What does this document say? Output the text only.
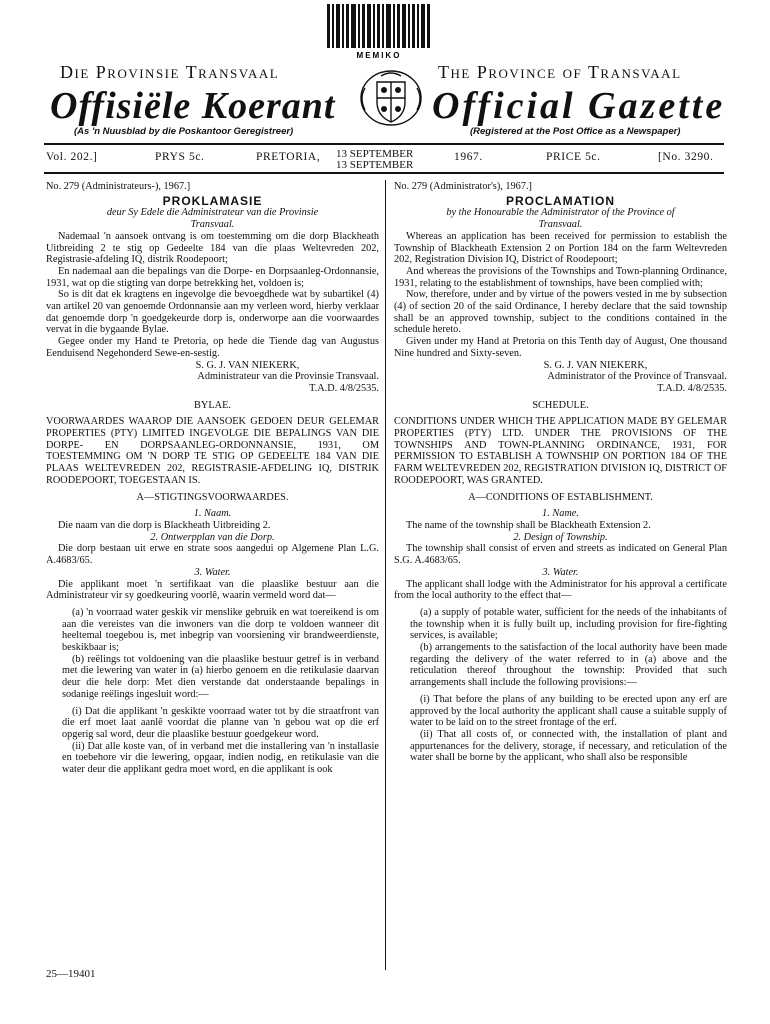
MEMIKO
Die Provinsie Transvaal	The Province of Transvaal
Offisiële Koerant	Official Gazette
(As 'n Nuusblad by die Poskantoor Geregistreer)	(Registered at the Post Office as a Newspaper)
Vol. 202.]	PRYS 5c.	PRETORIA, 13 SEPTEMBER
13 SEPTEMBER
1967.	PRICE 5c.	[No. 3290.

No. 279 (Administrateurs-), 1967.]

PROKLAMASIE

deur Sy Edele die Administrateur van die Provinsie Transvaal.

Nademaal 'n aansoek ontvang is om toestemming om die dorp Blackheath Uitbreiding 2 te stig op Gedeelte 184 van die plaas Weltevreden 202, Registrasie-afdeling IQ, distrik Roodepoort;

En nademaal aan die bepalings van die Dorpe- en Dorpsaanleg-Ordonnansie, 1931, wat op die stigting van dorpe betrekking het, voldoen is;

So is dit dat ek kragtens en ingevolge die bevoegdhede wat by subartikel (4) van artikel 20 van genoemde Ordonnansie aan my verleen word, hierby verklaar dat genoemde dorp 'n goedgekeurde dorp is, onderworpe aan die voorwaardes vervat in die bygaande Bylae.

Gegee onder my Hand te Pretoria, op hede die Tiende dag van Augustus Eenduisend Negehonderd Sewe-en-sestig.

S. G. J. VAN NIEKERK,

Administrateur van die Provinsie Transvaal.

T.A.D. 4/8/2535.

BYLAE.

VOORWAARDES WAAROP DIE AANSOEK GEDOEN DEUR GELEMAR PROPERTIES (PTY) LIMITED INGEVOLGE DIE BEPALINGS VAN DIE DORPE- EN DORPSAANLEG-ORDONNANSIE, 1931, OM TOESTEMMING OM 'N DORP TE STIG OP GEDEELTE 184 VAN DIE PLAAS WELTEVREDEN 202, REGISTRASIE-AFDELING IQ, DISTRIK ROODEPOORT, TOEGESTAAN IS.

A—STIGTINGSVOORWAARDES.

1. Naam.

Die naam van die dorp is Blackheath Uitbreiding 2.

2. Ontwerpplan van die Dorp.

Die dorp bestaan uit erwe en strate soos aangedui op Algemene Plan L.G. A.4683/65.

3. Water.

Die applikant moet 'n sertifikaat van die plaaslike bestuur aan die Administrateur vir sy goedkeuring voorlê, waarin vermeld word dat—

(a) 'n voorraad water geskik vir menslike gebruik en wat toereikend is om aan die vereistes van die inwoners van die dorp te voldoen wanneer dit heeltemal toegebou is, met inbegrip van voorsiening vir brandweerdienste, beskikbaar is;

(b) reëlings tot voldoening van die plaaslike bestuur getref is in verband met die lewering van water in (a) hierbo genoem en die retikulasie daarvan deur die hele dorp: Met dien verstande dat onderstaande bepalings in sodanige reëlings ingesluit word:—

(i) Dat die applikant 'n geskikte voorraad water tot by die straatfront van die erf moet laat aanlê voordat die planne van 'n gebou wat op die erf opgerig sal word, deur die plaaslike bestuur goedgekeur word.

(ii) Dat alle koste van, of in verband met die installering van 'n installasie en toebehore vir die lewering, opgaar, indien nodig, en retikulasie van die water deur die applikant gedra moet word, en die applikant is ook

No. 279 (Administrator's), 1967.]

PROCLAMATION

by the Honourable the Administrator of the Province of Transvaal.

Whereas an application has been received for permission to establish the Township of Blackheath Extension 2 on Portion 184 on the farm Weltevreden 202, Registration Division IQ, District of Roodepoort;

And whereas the provisions of the Townships and Town-planning Ordinance, 1931, relating to the establishment of townships, have been complied with;

Now, therefore, under and by virtue of the powers vested in me by subsection (4) of section 20 of the said Ordinance, I hereby declare that the said township shall be an approved township, subject to the conditions contained in the schedule hereto.

Given under my Hand at Pretoria on this Tenth day of August, One thousand Nine hundred and Sixty-seven.

S. G. J. VAN NIEKERK,

Administrator of the Province of Transvaal.

T.A.D. 4/8/2535.

SCHEDULE.

CONDITIONS UNDER WHICH THE APPLICATION MADE BY GELEMAR PROPERTIES (PTY) LTD. UNDER THE PROVISIONS OF THE TOWNSHIPS AND TOWN-PLANNING ORDINANCE, 1931, FOR PERMISSION TO ESTABLISH A TOWNSHIP ON PORTION 184 OF THE FARM WELTEVREDEN 202, REGISTRATION DIVISION IQ, DISTRICT OF ROODEPOORT, WAS GRANTED.

A—CONDITIONS OF ESTABLISHMENT.

1. Name.

The name of the township shall be Blackheath Extension 2.

2. Design of Township.

The township shall consist of erven and streets as indicated on General Plan S.G. A.4683/65.

3. Water.

The applicant shall lodge with the Administrator for his approval a certificate from the local authority to the effect that—

(a) a supply of potable water, sufficient for the needs of the inhabitants of the township when it is fully built up, including provision for fire-fighting services, is available;

(b) arrangements to the satisfaction of the local authority have been made regarding the delivery of the water referred to in (a) above and the reticulation thereof throughout the township: Provided that such arrangements shall include the following provisions:—

(i) That before the plans of any building to be erected upon any erf are approved by the local authority the applicant shall cause a suitable supply of water to be laid on to the street frontage of the erf.

(ii) That all costs of, or connected with, the installation of plant and appurtenances for the delivery, storage, if necessary, and reticulation of the water shall be borne by the applicant, who shall also be responsible

25—19401
